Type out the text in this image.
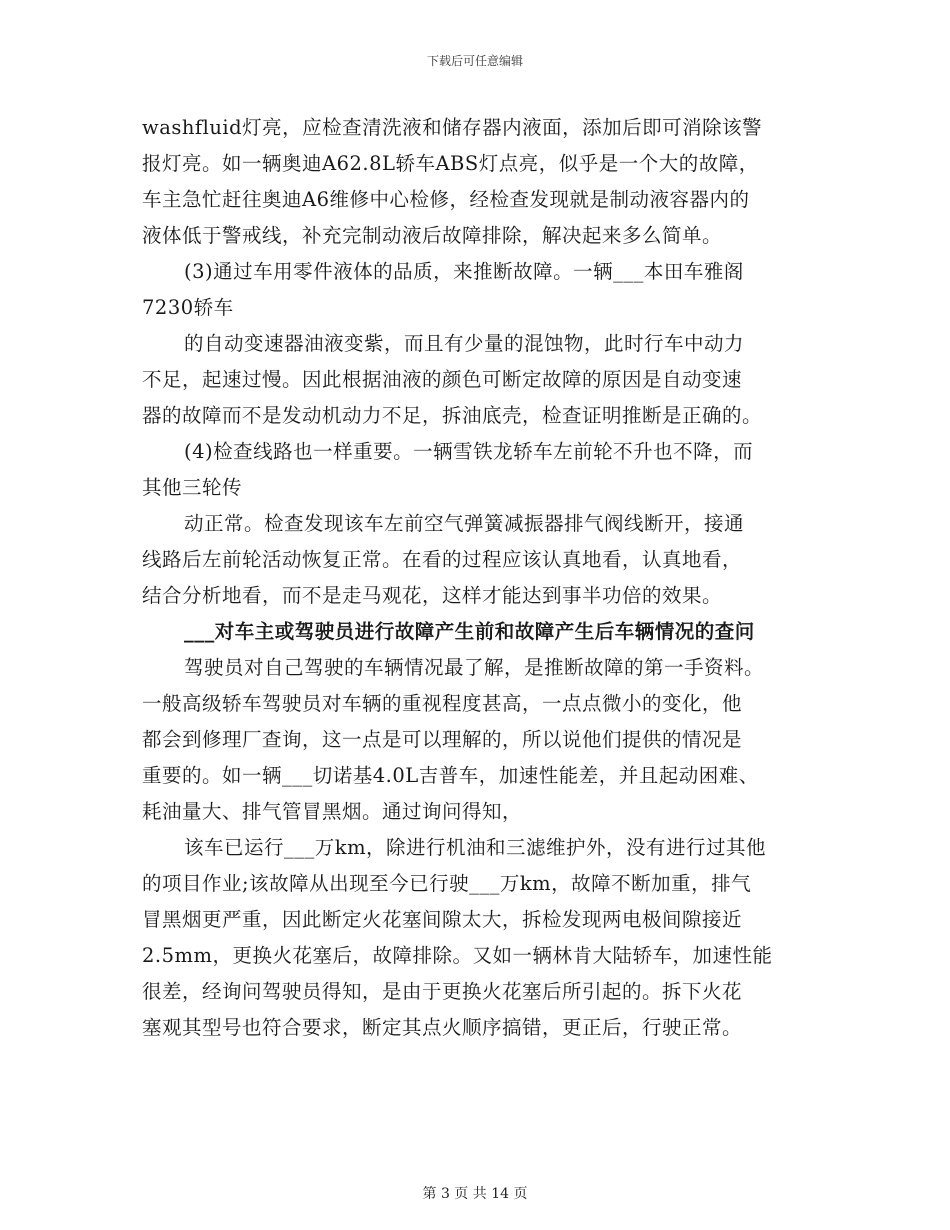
下载后可任意编辑
washfluid灯亮，应检查清洗液和储存器内液面，添加后即可消除该警
报灯亮。如一辆奥迪A62.8L轿车ABS灯点亮，似乎是一个大的故障，
车主急忙赶往奥迪A6维修中心检修，经检查发现就是制动液容器内的
液体低于警戒线，补充完制动液后故障排除，解决起来多么简单。
(3)通过车用零件液体的品质，来推断故障。一辆___本田车雅阁
7230轿车
的自动变速器油液变紫，而且有少量的混蚀物，此时行车中动力
不足，起速过慢。因此根据油液的颜色可断定故障的原因是自动变速
器的故障而不是发动机动力不足，拆油底壳，检查证明推断是正确的。
(4)检查线路也一样重要。一辆雪铁龙轿车左前轮不升也不降，而
其他三轮传
动正常。检查发现该车左前空气弹簧减振器排气阀线断开，接通
线路后左前轮活动恢复正常。在看的过程应该认真地看，认真地看，
结合分析地看，而不是走马观花，这样才能达到事半功倍的效果。
___对车主或驾驶员进行故障产生前和故障产生后车辆情况的查问
驾驶员对自己驾驶的车辆情况最了解，是推断故障的第一手资料。
一般高级轿车驾驶员对车辆的重视程度甚高，一点点微小的变化，他
都会到修理厂查询，这一点是可以理解的，所以说他们提供的情况是
重要的。如一辆___切诺基4.0L吉普车，加速性能差，并且起动困难、
耗油量大、排气管冒黑烟。通过询问得知，
该车已运行___万km，除进行机油和三滤维护外，没有进行过其他
的项目作业;该故障从出现至今已行驶___万km，故障不断加重，排气
冒黑烟更严重，因此断定火花塞间隙太大，拆检发现两电极间隙接近
2.5mm，更换火花塞后，故障排除。又如一辆林肯大陆轿车，加速性能
很差，经询问驾驶员得知，是由于更换火花塞后所引起的。拆下火花
塞观其型号也符合要求，断定其点火顺序搞错，更正后，行驶正常。
第 3 页 共 14 页
